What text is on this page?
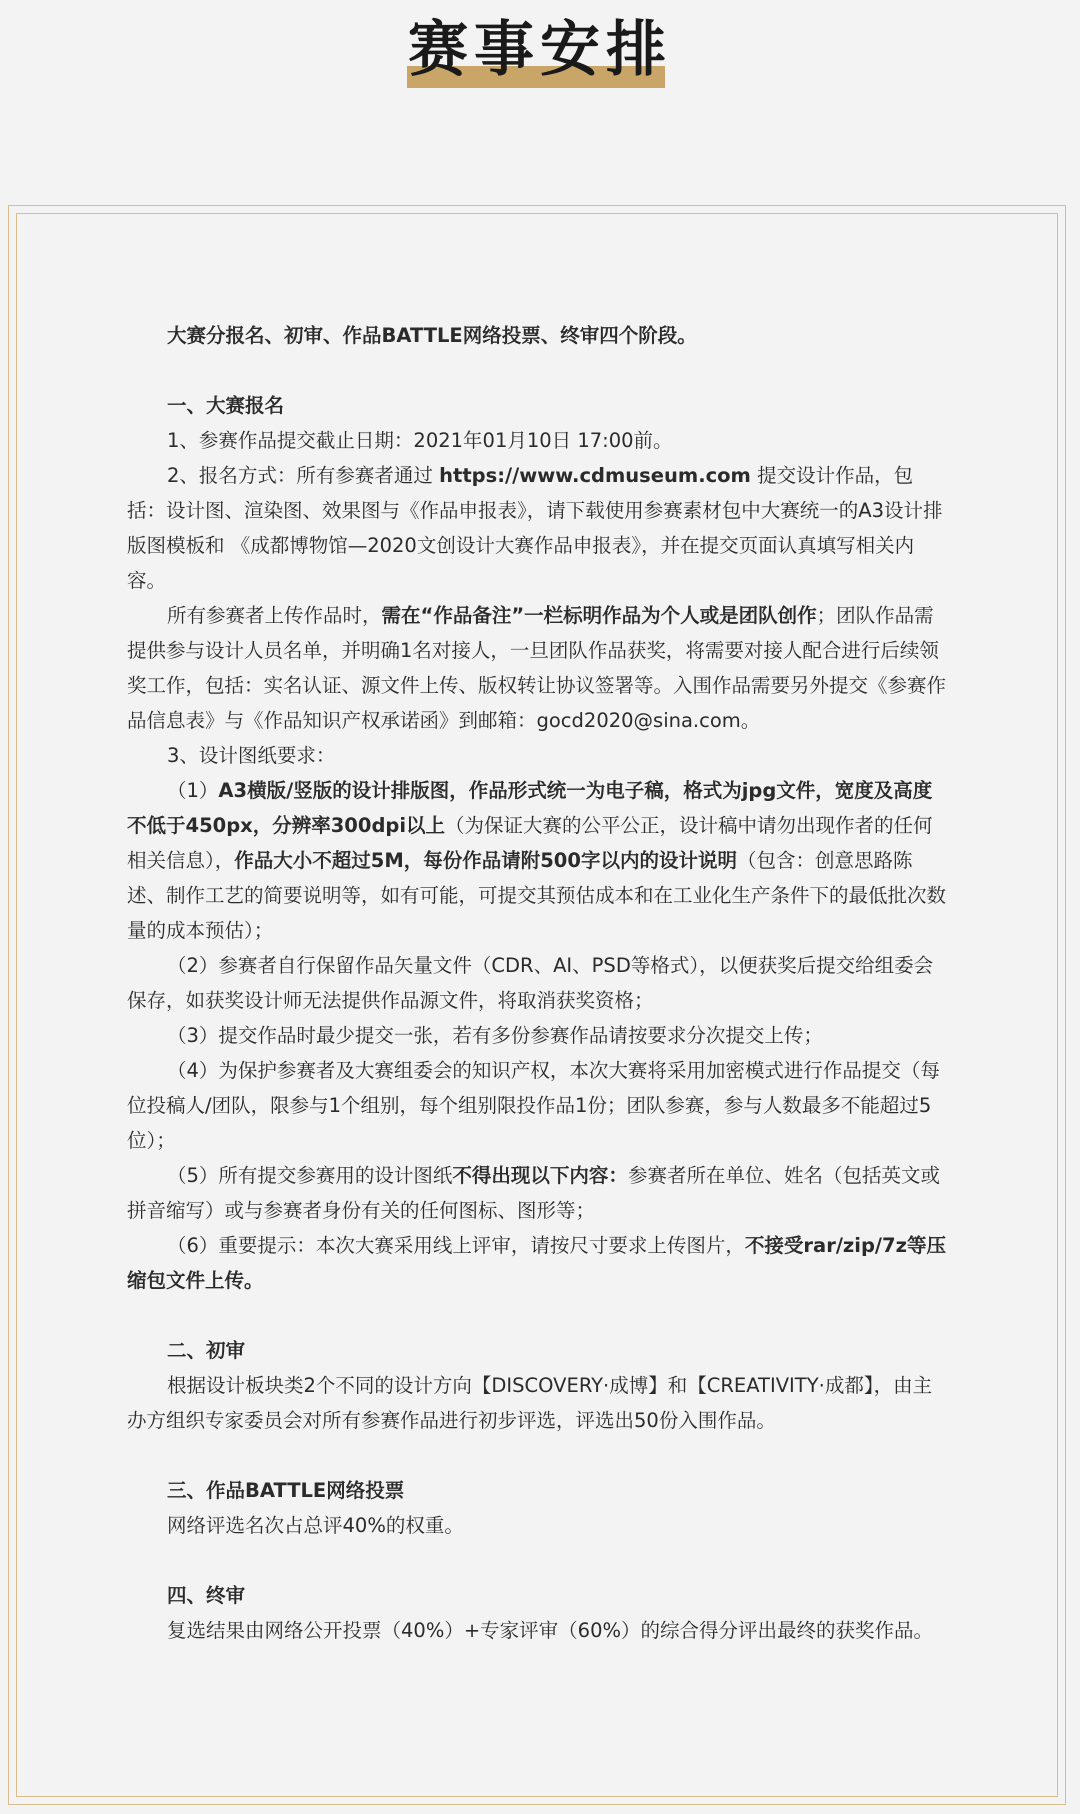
赛事安排

大赛分报名、初审、作品BATTLE网络投票、终审四个阶段。

一、大赛报名

1、参赛作品提交截止日期：2021年01月10日 17:00前。

2、报名方式：所有参赛者通过 https://www.cdmuseum.com 提交设计作品，包括：设计图、渲染图、效果图与《作品申报表》，请下载使用参赛素材包中大赛统一的A3设计排版图模板和 《成都博物馆—2020文创设计大赛作品申报表》，并在提交页面认真填写相关内容。

所有参赛者上传作品时，需在“作品备注”一栏标明作品为个人或是团队创作；团队作品需提供参与设计人员名单，并明确1名对接人，一旦团队作品获奖，将需要对接人配合进行后续领奖工作，包括：实名认证、源文件上传、版权转让协议签署等。入围作品需要另外提交《参赛作品信息表》与《作品知识产权承诺函》到邮箱：gocd2020@sina.com。

3、设计图纸要求：

（1）A3横版/竖版的设计排版图，作品形式统一为电子稿，格式为jpg文件，宽度及高度不低于450px，分辨率300dpi以上（为保证大赛的公平公正，设计稿中请勿出现作者的任何相关信息），作品大小不超过5M，每份作品请附500字以内的设计说明（包含：创意思路陈述、制作工艺的简要说明等，如有可能，可提交其预估成本和在工业化生产条件下的最低批次数量的成本预估）；

（2）参赛者自行保留作品矢量文件（CDR、AI、PSD等格式），以便获奖后提交给组委会保存，如获奖设计师无法提供作品源文件，将取消获奖资格；

（3）提交作品时最少提交一张，若有多份参赛作品请按要求分次提交上传；

（4）为保护参赛者及大赛组委会的知识产权，本次大赛将采用加密模式进行作品提交（每位投稿人/团队，限参与1个组别，每个组别限投作品1份；团队参赛，参与人数最多不能超过5位）；

（5）所有提交参赛用的设计图纸不得出现以下内容：参赛者所在单位、姓名（包括英文或拼音缩写）或与参赛者身份有关的任何图标、图形等；

（6）重要提示：本次大赛采用线上评审，请按尺寸要求上传图片，不接受rar/zip/7z等压缩包文件上传。

二、初审

根据设计板块类2个不同的设计方向【DISCOVERY·成博】和【CREATIVITY·成都】，由主办方组织专家委员会对所有参赛作品进行初步评选，评选出50份入围作品。

三、作品BATTLE网络投票

网络评选名次占总评40%的权重。

四、终审

复选结果由网络公开投票（40%）+专家评审（60%）的综合得分评出最终的获奖作品。
